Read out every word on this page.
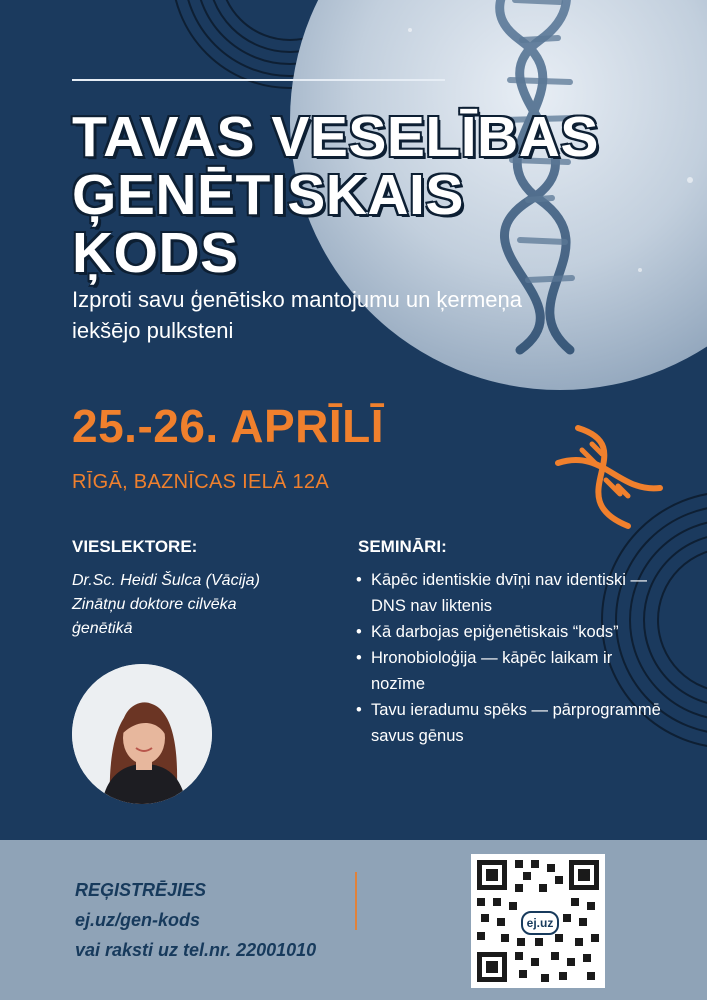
TAVAS VESELĪBAS
ĢENĒTISKAIS
ĶODS

Izproti savu ģenētisko mantojumu un ķermeņa iekšējo pulksteni

25.-26. APRĪLĪ

RĪGĀ, BAZNĪCAS IELĀ 12A

VIESLEKTORE:	SEMINĀRI:

Dr.Sc. Heidi Šulca (Vācija)
Zinātņu doktore cilvēka
ģenētikā

• Kāpēc identiskie dvīņi nav identiski — DNS nav liktenis
• Kā darbojas epiģenētiskais “kods”
• Hronobioloģija — kāpēc laikam ir nozīme
• Tavu ieradumu spēks — pārprogrammē savus gēnus

REĢISTRĒJIES
ej.uz/gen-kods
vai raksti uz tel.nr. 22001010

ej.uz
